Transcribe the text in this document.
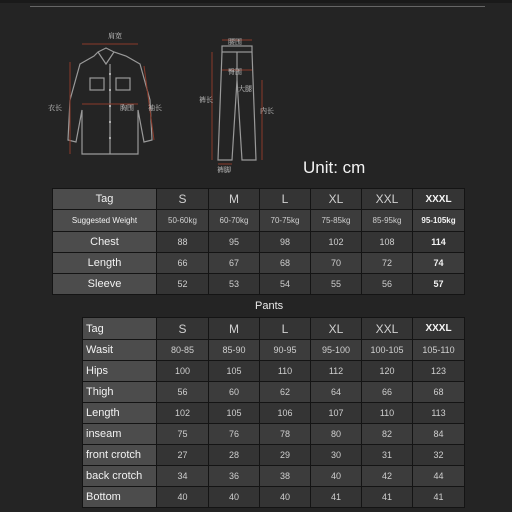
肩宽
衣长	胸围 袖长
腰围
臀围
大腿
裤长
内长
裤脚	Unit: cm
Tag	S	M	L	XL	XXL	XXXL
Suggested Weight	50-60kg	60-70kg	70-75kg	75-85kg	85-95kg	95-105kg
Chest	88	95	98	102	108	114
Length	66	67	68	70	72	74
Sleeve	52	53	54	55	56	57
Pants
Tag	S	M	L	XL	XXL	XXXL
Wasit	80-85	85-90	90-95	95-100	100-105	105-110
Hips	100	105	110	112	120	123
Thigh	56	60	62	64	66	68
Length	102	105	106	107	110	113
inseam	75	76	78	80	82	84
front crotch	27	28	29	30	31	32
back crotch	34	36	38	40	42	44
Bottom	40	40	40	41	41	41
